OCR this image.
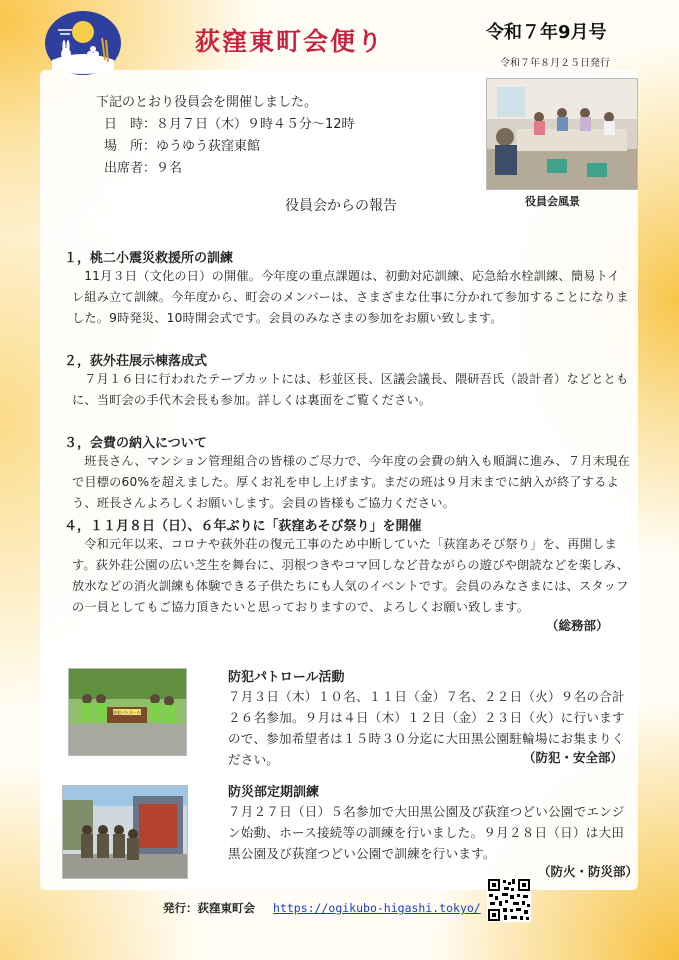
荻窪東町会便り	令和７年9月号
令和７年８月２５日発行
役員会風景
下記のとおり役員会を開催しました。
日　時：８月７日（木）９時４５分～12時
場　所：ゆうゆう荻窪東館
出席者：９名
役員会からの報告
１，桃二小震災救援所の訓練
11月３日（文化の日）の開催。今年度の重点課題は、初動対応訓練、応急給水栓訓練、簡易トイレ組み立て訓練。今年度から、町会のメンバーは、さまざまな仕事に分かれて参加することになりました。9時発災、10時開会式です。会員のみなさまの参加をお願い致します。
２，荻外荘展示棟落成式
７月１６日に行われたテープカットには、杉並区長、区議会議長、隈研吾氏（設計者）などとともに、当町会の手代木会長も参加。詳しくは裏面をご覧ください。
３，会費の納入について
班長さん、マンション管理組合の皆様のご尽力で、今年度の会費の納入も順調に進み、７月末現在で目標の60%を超えました。厚くお礼を申し上げます。まだの班は９月末までに納入が終了するよう、班長さんよろしくお願いします。会員の皆様もご協力ください。
４，１１月８日（日）、６年ぶりに「荻窪あそび祭り」を開催
令和元年以来、コロナや荻外荘の復元工事のため中断していた「荻窪あそび祭り」を、再開します。荻外荘公園の広い芝生を舞台に、羽根つきやコマ回しなど昔ながらの遊びや朗読などを楽しみ、放水などの消火訓練も体験できる子供たちにも人気のイベントです。会員のみなさまには、スタッフの一員としてもご協力頂きたいと思っておりますので、よろしくお願い致します。
（総務部）
防犯パトロール
防犯パトロール活動
７月３日（木）１０名、１１日（金）７名、２２日（火）９名の合計２６名参加。９月は４日（木）１２日（金）２３日（火）に行いますので、参加希望者は１５時３０分迄に大田黒公園駐輪場にお集まりください。	（防犯・安全部）
防災部定期訓練
７月２７日（日）５名参加で大田黒公園及び荻窪つどい公園でエンジン始動、ホース接続等の訓練を行いました。９月２８日（日）は大田黒公園及び荻窪つどい公園で訓練を行います。
（防火・防災部）
発行：荻窪東町会 https://ogikubo-higashi.tokyo/
